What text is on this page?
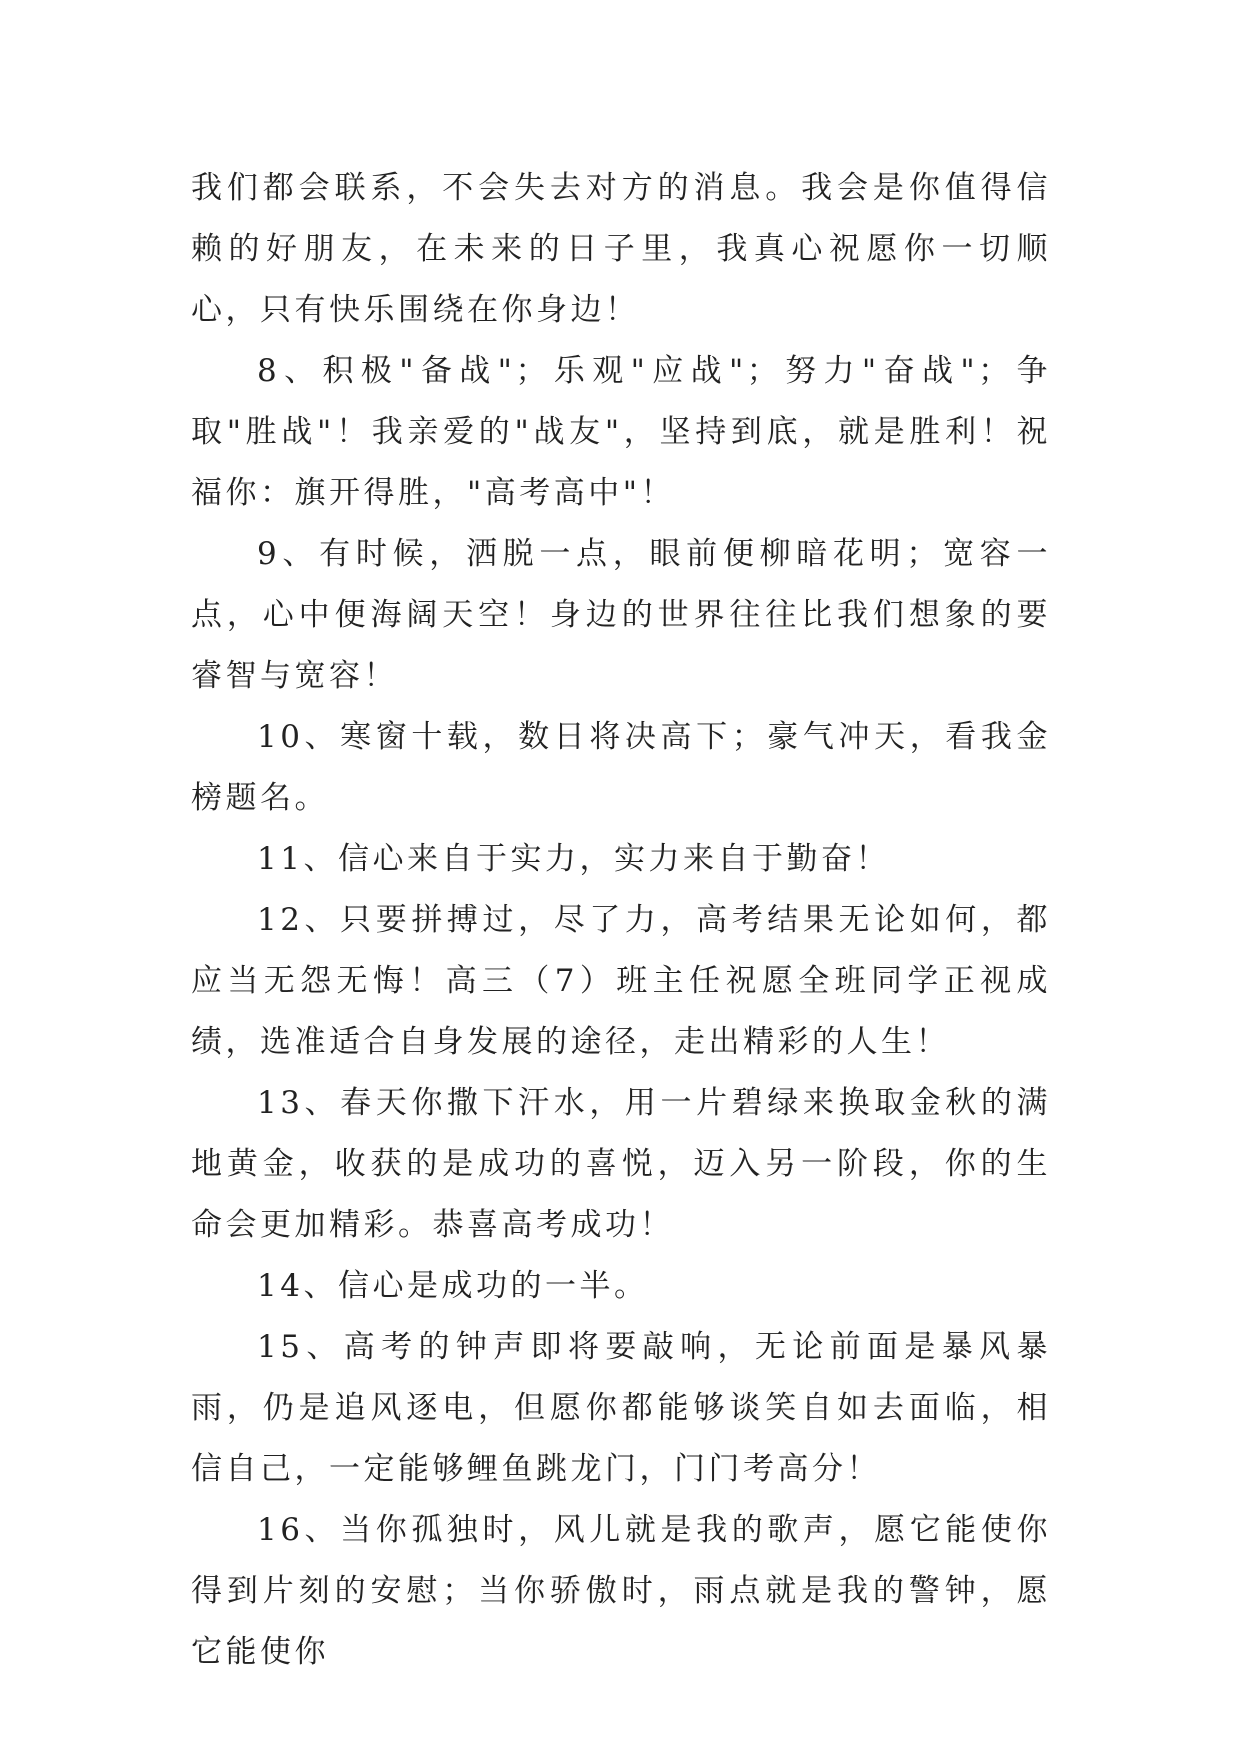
我们都会联系，不会失去对方的消息。我会是你值得信赖的好朋友，在未来的日子里，我真心祝愿你一切顺心，只有快乐围绕在你身边！

8、积极"备战"；乐观"应战"；努力"奋战"；争取"胜战"！我亲爱的"战友"，坚持到底，就是胜利！祝福你：旗开得胜，"高考高中"！

9、有时候，洒脱一点，眼前便柳暗花明；宽容一点，心中便海阔天空！身边的世界往往比我们想象的要睿智与宽容！

10、寒窗十载，数日将决高下；豪气冲天，看我金榜题名。

11、信心来自于实力，实力来自于勤奋！

12、只要拼搏过，尽了力，高考结果无论如何，都应当无怨无悔！高三（7）班主任祝愿全班同学正视成绩，选准适合自身发展的途径，走出精彩的人生！

13、春天你撒下汗水，用一片碧绿来换取金秋的满地黄金，收获的是成功的喜悦，迈入另一阶段，你的生命会更加精彩。恭喜高考成功！

14、信心是成功的一半。

15、高考的钟声即将要敲响，无论前面是暴风暴雨，仍是追风逐电，但愿你都能够谈笑自如去面临，相信自己，一定能够鲤鱼跳龙门，门门考高分！

16、当你孤独时，风儿就是我的歌声，愿它能使你得到片刻的安慰；当你骄傲时，雨点就是我的警钟，愿它能使你
